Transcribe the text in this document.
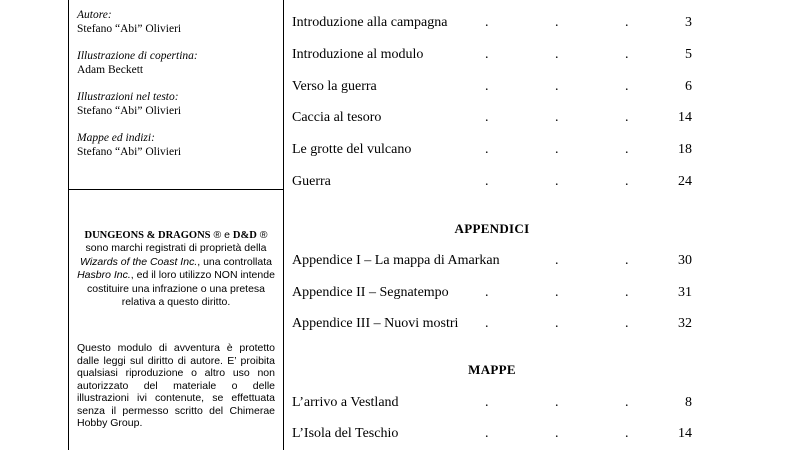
Autore:
Stefano “Abi” Olivieri
Illustrazione di copertina:
Adam Beckett
Illustrazioni nel testo:
Stefano “Abi” Olivieri
Mappe ed indizi:
Stefano “Abi” Olivieri
DUNGEONS & DRAGONS ® e D&D ® sono marchi registrati di proprietà della Wizards of the Coast Inc., una controllata Hasbro Inc., ed il loro utilizzo NON intende costituire una infrazione o una pretesa relativa a questo diritto.
Questo modulo di avventura è protetto dalle leggi sul diritto di autore. E’ proibita qualsiasi riproduzione o altro uso non autorizzato del materiale o delle illustrazioni ivi contenute, se effettuata senza il permesso scritto del Chimerae Hobby Group.
APPENDICI
MAPPE
Introduzione alla campagna	.	.	.	3
Introduzione al modulo	.	.	.	5
Verso la guerra	.	.	.	6
Caccia al tesoro	.	.	.	14
Le grotte del vulcano	.	.	.	18
Guerra	.	.	.	24
Appendice I – La mappa di Amarkan	.	.	30
Appendice II – Segnatempo	.	.	.	31
Appendice III – Nuovi mostri .	.	.	32
L’arrivo a Vestland	.	.	.	8
L’Isola del Teschio	.	.	.	14
